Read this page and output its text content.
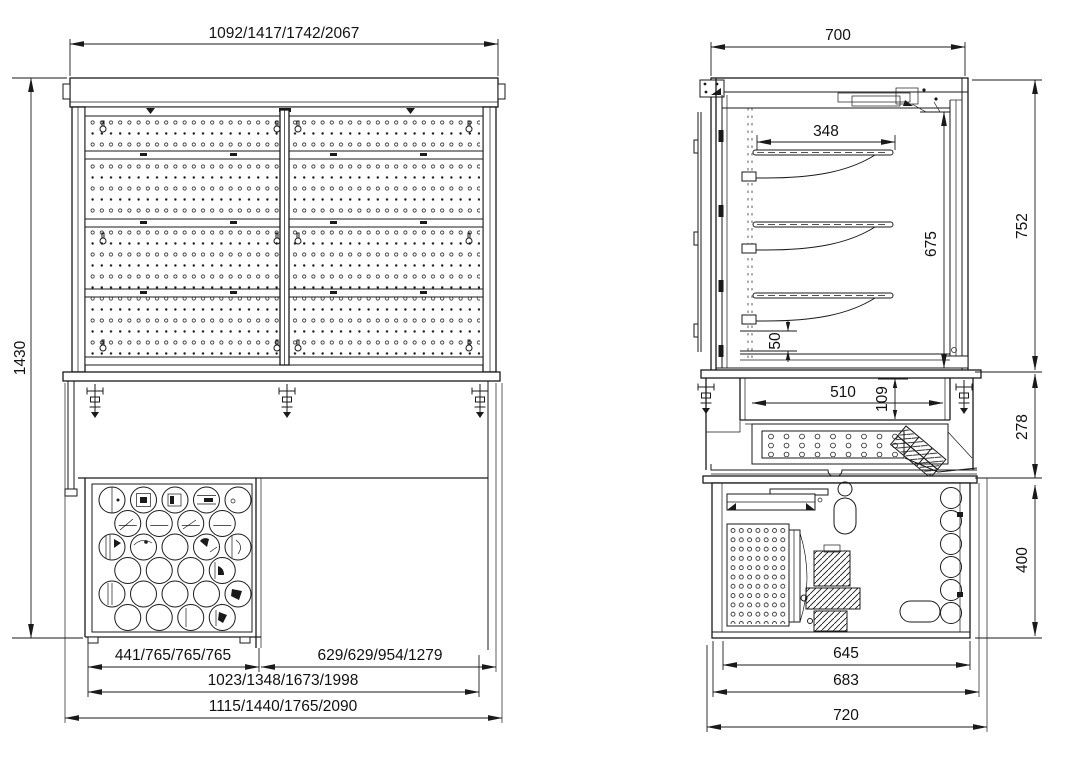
1092/1417/1742/2067
1430
441/765/765/765	629/629/954/1279
1023/1348/1673/1998
1115/1440/1765/2090
700
348
675
752
50
510 109
278
400
645
683
720
